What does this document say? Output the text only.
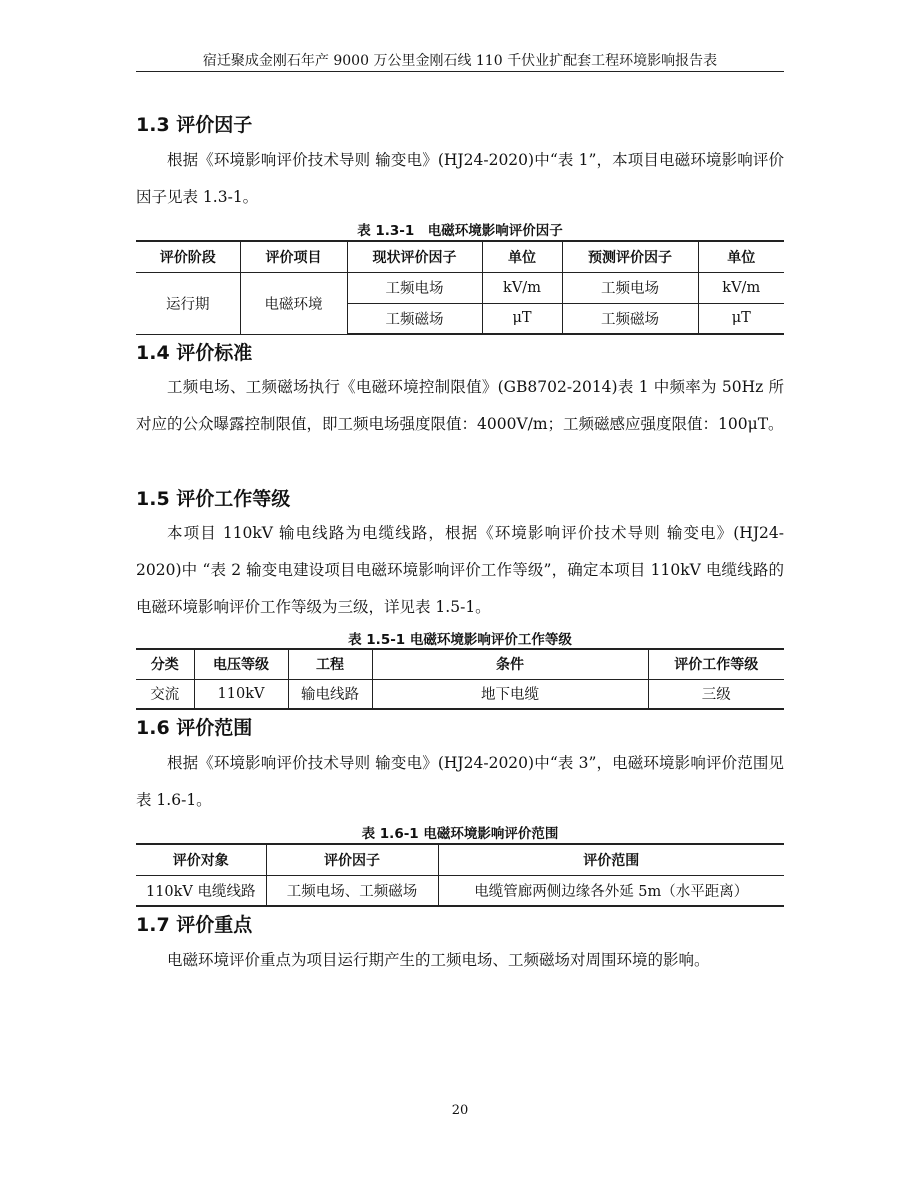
宿迁聚成金刚石年产 9000 万公里金刚石线 110 千伏业扩配套工程环境影响报告表
1.3 评价因子

根据《环境影响评价技术导则 输变电》(HJ24-2020)中“表 1”，本项目电磁环境影响评价因子见表 1.3-1。

表 1.3-1　电磁环境影响评价因子
评价阶段	评价项目	现状评价因子	单位	预测评价因子	单位
运行期	电磁环境	工频电场	kV/m	工频电场	kV/m
		工频磁场	μT	工频磁场	μT
1.4 评价标准

工频电场、工频磁场执行《电磁环境控制限值》(GB8702-2014)表 1 中频率为 50Hz 所对应的公众曝露控制限值，即工频电场强度限值：4000V/m；工频磁感应强度限值：100μT。

1.5 评价工作等级

本项目 110kV 输电线路为电缆线路，根据《环境影响评价技术导则 输变电》(HJ24-2020)中 “表 2 输变电建设项目电磁环境影响评价工作等级”，确定本项目 110kV 电缆线路的电磁环境影响评价工作等级为三级，详见表 1.5-1。

表 1.5-1 电磁环境影响评价工作等级
分类	电压等级	工程	条件	评价工作等级
交流	110kV	输电线路	地下电缆	三级
1.6 评价范围

根据《环境影响评价技术导则 输变电》(HJ24-2020)中“表 3”，电磁环境影响评价范围见表 1.6-1。

表 1.6-1 电磁环境影响评价范围
评价对象	评价因子	评价范围
110kV 电缆线路	工频电场、工频磁场	电缆管廊两侧边缘各外延 5m（水平距离）
1.7 评价重点

电磁环境评价重点为项目运行期产生的工频电场、工频磁场对周围环境的影响。

20
